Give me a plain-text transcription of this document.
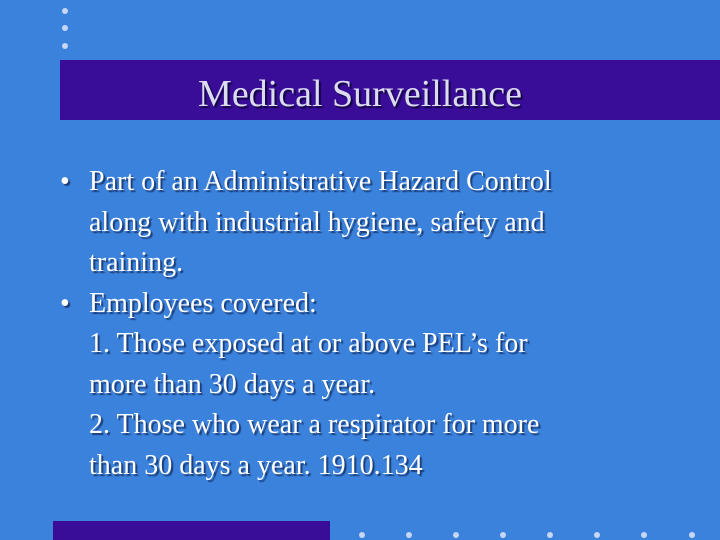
Medical Surveillance
• Part of an Administrative Hazard Control
along with industrial hygiene, safety and
training.
• Employees covered:
1. Those exposed at or above PEL’s for
more than 30 days a year.
2. Those who wear a respirator for more
than 30 days a year. 1910.134
